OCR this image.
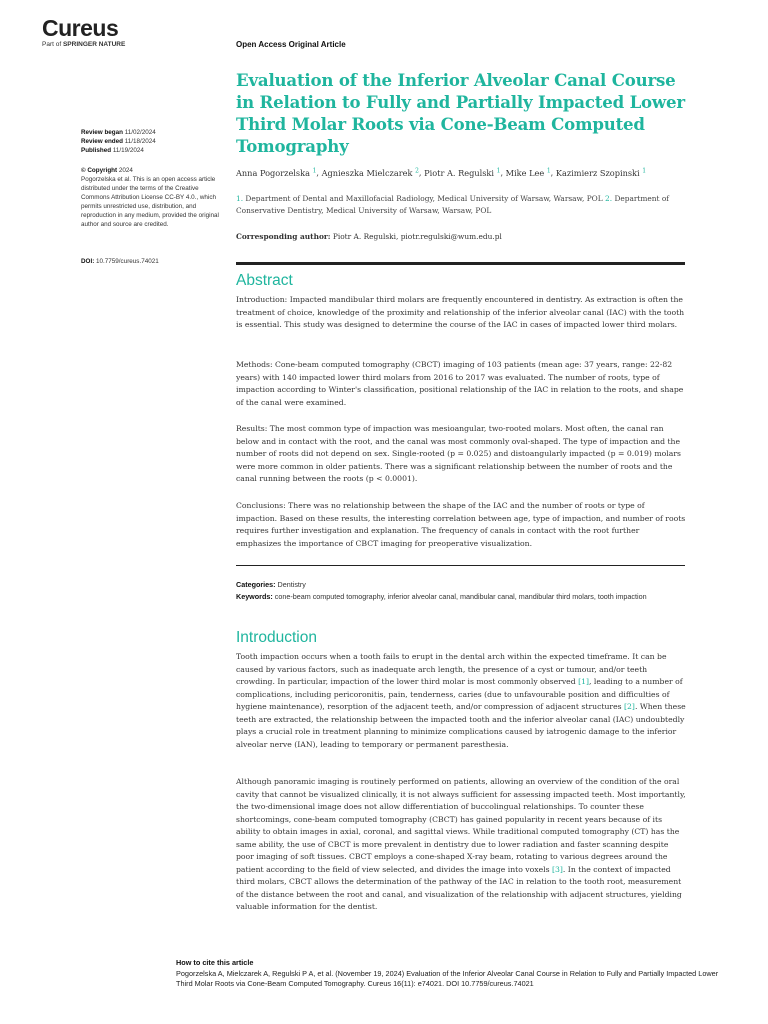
Cureus
Part of SPRINGER NATURE	Open Access Original Article
Review began 11/02/2024
Review ended 11/18/2024
Published 11/19/2024
© Copyright 2024
Pogorzelska et al. This is an open access article distributed under the terms of the Creative Commons Attribution License CC-BY 4.0., which permits unrestricted use, distribution, and reproduction in any medium, provided the original author and source are credited.
DOI: 10.7759/cureus.74021
Evaluation of the Inferior Alveolar Canal Course in Relation to Fully and Partially Impacted Lower Third Molar Roots via Cone-Beam Computed Tomography
Anna Pogorzelska $^1$, Agnieszka Mielczarek $^2$, Piotr A. Regulski $^1$, Mike Lee $^1$, Kazimierz Szopinski $^1$
1. Department of Dental and Maxillofacial Radiology, Medical University of Warsaw, Warsaw, POL 2. Department of Conservative Dentistry, Medical University of Warsaw, Warsaw, POL
Corresponding author: Piotr A. Regulski, piotr.regulski@wum.edu.pl
Abstract

Introduction: Impacted mandibular third molars are frequently encountered in dentistry. As extraction is often the treatment of choice, knowledge of the proximity and relationship of the inferior alveolar canal (IAC) with the tooth is essential. This study was designed to determine the course of the IAC in cases of impacted lower third molars.

Methods: Cone-beam computed tomography (CBCT) imaging of 103 patients (mean age: 37 years, range: 22-82 years) with 140 impacted lower third molars from 2016 to 2017 was evaluated. The number of roots, type of impaction according to Winter's classification, positional relationship of the IAC in relation to the roots, and shape of the canal were examined.

Results: The most common type of impaction was mesioangular, two-rooted molars. Most often, the canal ran below and in contact with the root, and the canal was most commonly oval-shaped. The type of impaction and the number of roots did not depend on sex. Single-rooted (p = 0.025) and distoangularly impacted (p = 0.019) molars were more common in older patients. There was a significant relationship between the number of roots and the canal running between the roots (p < 0.0001).

Conclusions: There was no relationship between the shape of the IAC and the number of roots or type of impaction. Based on these results, the interesting correlation between age, type of impaction, and number of roots requires further investigation and explanation. The frequency of canals in contact with the root further emphasizes the importance of CBCT imaging for preoperative visualization.

Categories: Dentistry
Keywords: cone-beam computed tomography, inferior alveolar canal, mandibular canal, mandibular third molars, tooth impaction
Introduction

Tooth impaction occurs when a tooth fails to erupt in the dental arch within the expected timeframe. It can be caused by various factors, such as inadequate arch length, the presence of a cyst or tumour, and/or teeth crowding. In particular, impaction of the lower third molar is most commonly observed [1], leading to a number of complications, including pericoronitis, pain, tenderness, caries (due to unfavourable position and difficulties of hygiene maintenance), resorption of the adjacent teeth, and/or compression of adjacent structures [2]. When these teeth are extracted, the relationship between the impacted tooth and the inferior alveolar canal (IAC) undoubtedly plays a crucial role in treatment planning to minimize complications caused by iatrogenic damage to the inferior alveolar nerve (IAN), leading to temporary or permanent paresthesia.

Although panoramic imaging is routinely performed on patients, allowing an overview of the condition of the oral cavity that cannot be visualized clinically, it is not always sufficient for assessing impacted teeth. Most importantly, the two-dimensional image does not allow differentiation of buccolingual relationships. To counter these shortcomings, cone-beam computed tomography (CBCT) has gained popularity in recent years because of its ability to obtain images in axial, coronal, and sagittal views. While traditional computed tomography (CT) has the same ability, the use of CBCT is more prevalent in dentistry due to lower radiation and faster scanning despite poor imaging of soft tissues. CBCT employs a cone-shaped X-ray beam, rotating to various degrees around the patient according to the field of view selected, and divides the image into voxels [3]. In the context of impacted third molars, CBCT allows the determination of the pathway of the IAC in relation to the tooth root, measurement of the distance between the root and canal, and visualization of the relationship with adjacent structures, yielding valuable information for the dentist.

How to cite this article
Pogorzelska A, Mielczarek A, Regulski P A, et al. (November 19, 2024) Evaluation of the Inferior Alveolar Canal Course in Relation to Fully and Partially Impacted Lower Third Molar Roots via Cone-Beam Computed Tomography. Cureus 16(11): e74021. DOI 10.7759/cureus.74021
